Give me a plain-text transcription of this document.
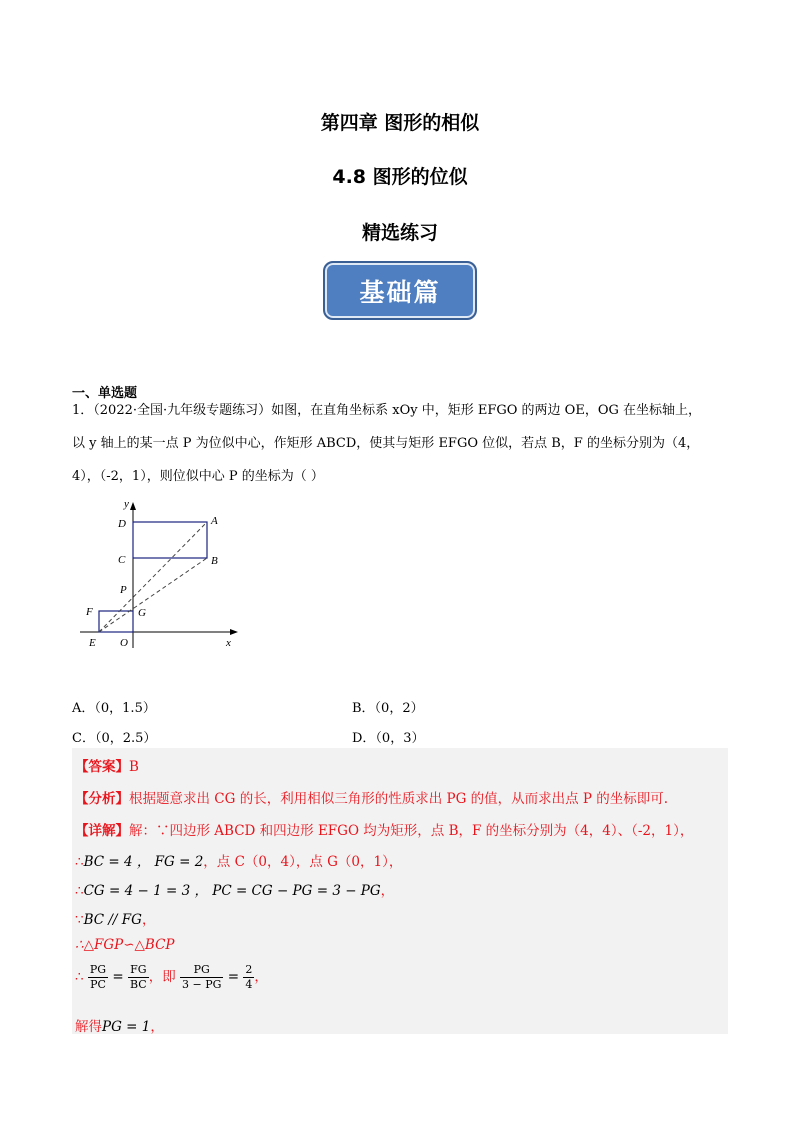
第四章 图形的相似
4.8 图形的位似
精选练习
基础篇
一、单选题
1．（2022·全国·九年级专题练习）如图，在直角坐标系 xOy 中，矩形 EFGO 的两边 OE，OG 在坐标轴上，
以 y 轴上的某一点 P 为位似中心，作矩形 ABCD，使其与矩形 EFGO 位似，若点 B，F 的坐标分别为（4，
4），（-2，1），则位似中心 P 的坐标为（ ）
y
x
D	A
C	B
P
F	G
E O
A．（0，1.5）	B．（0，2）
C．（0，2.5）	D．（0，3）
【答案】B
【分析】根据题意求出 CG 的长，利用相似三角形的性质求出 PG 的值，从而求出点 P 的坐标即可.
【详解】解：∵四边形 ABCD 和四边形 EFGO 均为矩形，点 B，F 的坐标分别为（4，4）、（-2，1），
∴BC = 4 ， FG = 2，点 C（0，4），点 G（0，1），
∴CG = 4 − 1 = 3 ， PC = CG − PG = 3 − PG，
∵BC // FG，
∴△FGP∽△BCP
∴ $\frac{PG}{PC} = \frac{FG}{BC}$ ，即 $\frac{PG}{3 - PG} = \frac{2}{4}$ ，
解得PG = 1，
